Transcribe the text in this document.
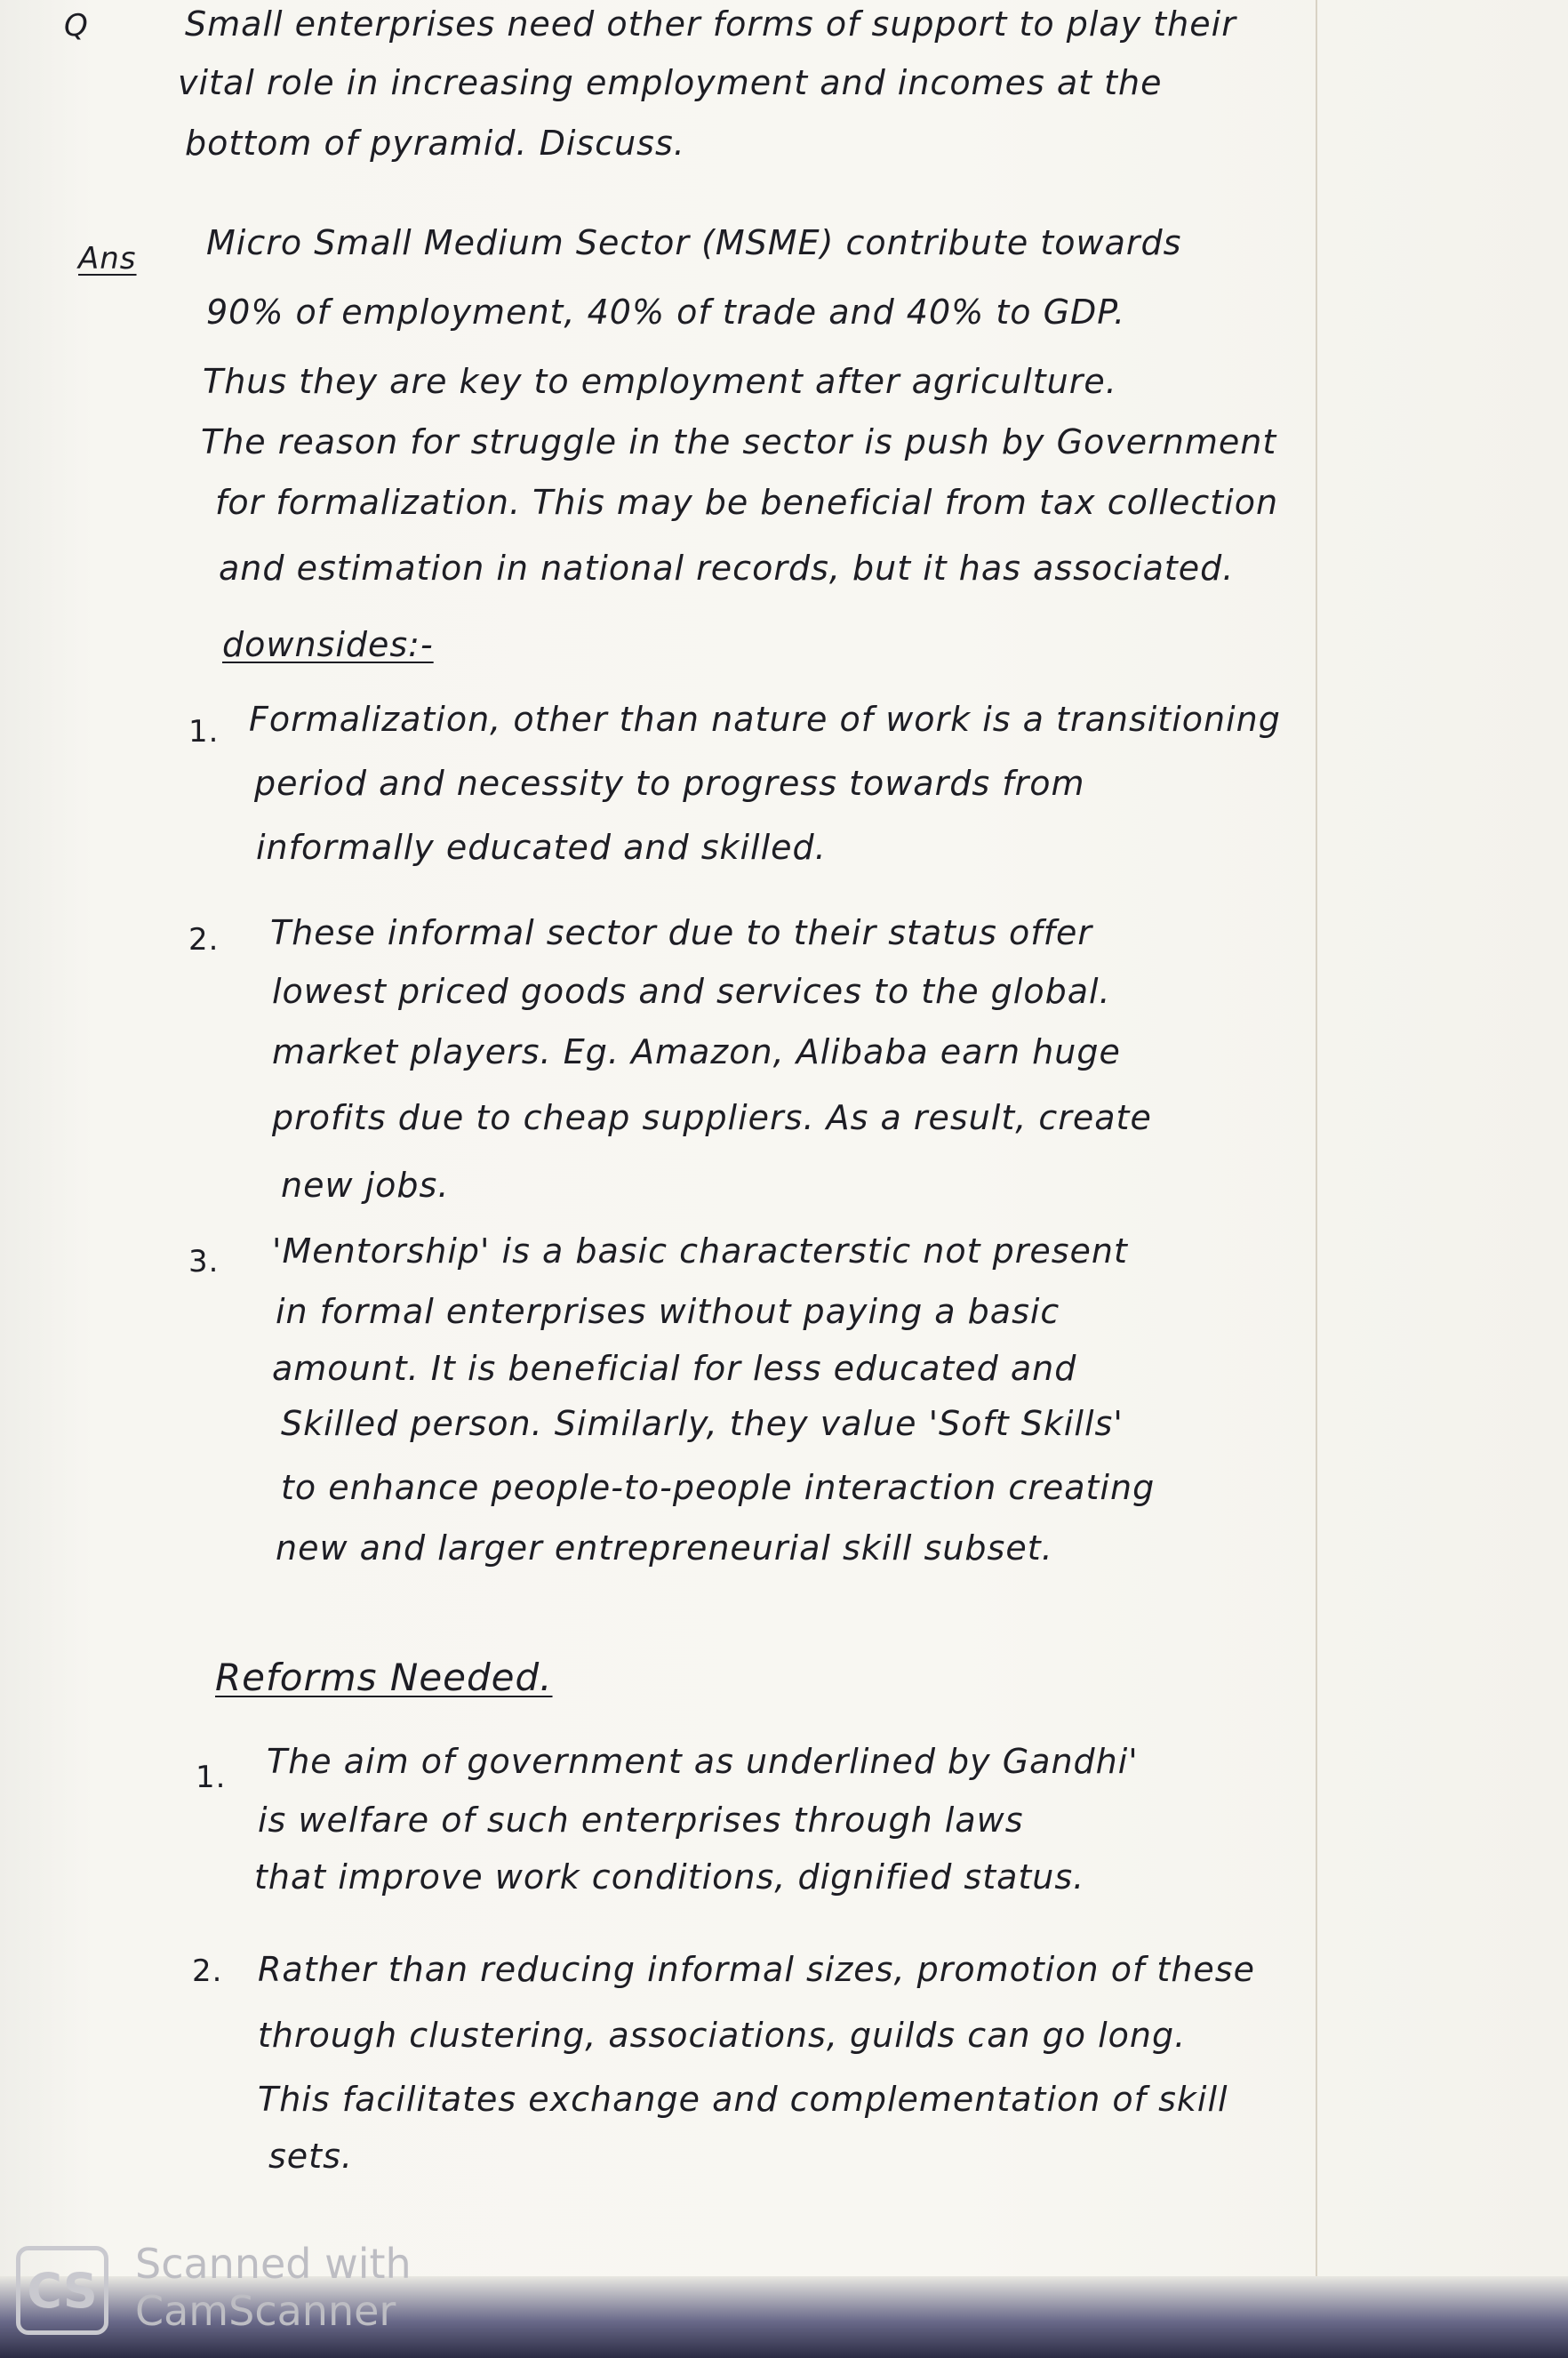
Q	Small enterprises need other forms of support to play their
vital role in increasing employment and incomes at the
bottom of pyramid. Discuss.
Ans Micro Small Medium Sector (MSME) contribute towards
90% of employment, 40% of trade and 40% to GDP.
Thus they are key to employment after agriculture.
The reason for struggle in the sector is push by Government
for formalization. This may be beneficial from tax collection
and estimation in national records, but it has associated.
downsides:-
1. Formalization, other than nature of work is a transitioning
period and necessity to progress towards from
informally educated and skilled.
2. These informal sector due to their status offer
lowest priced goods and services to the global.
market players. Eg. Amazon, Alibaba earn huge
profits due to cheap suppliers. As a result, create
new jobs.
3. 'Mentorship' is a basic characterstic not present
in formal enterprises without paying a basic
amount. It is beneficial for less educated and
Skilled person. Similarly, they value 'Soft Skills'
to enhance people-to-people interaction creating
new and larger entrepreneurial skill subset.
Reforms Needed.
1. The aim of government as underlined by Gandhi'
is welfare of such enterprises through laws
that improve work conditions, dignified status.
2. Rather than reducing informal sizes, promotion of these
through clustering, associations, guilds can go long.
This facilitates exchange and complementation of skill
sets.
CS Scanned with
CamScanner
